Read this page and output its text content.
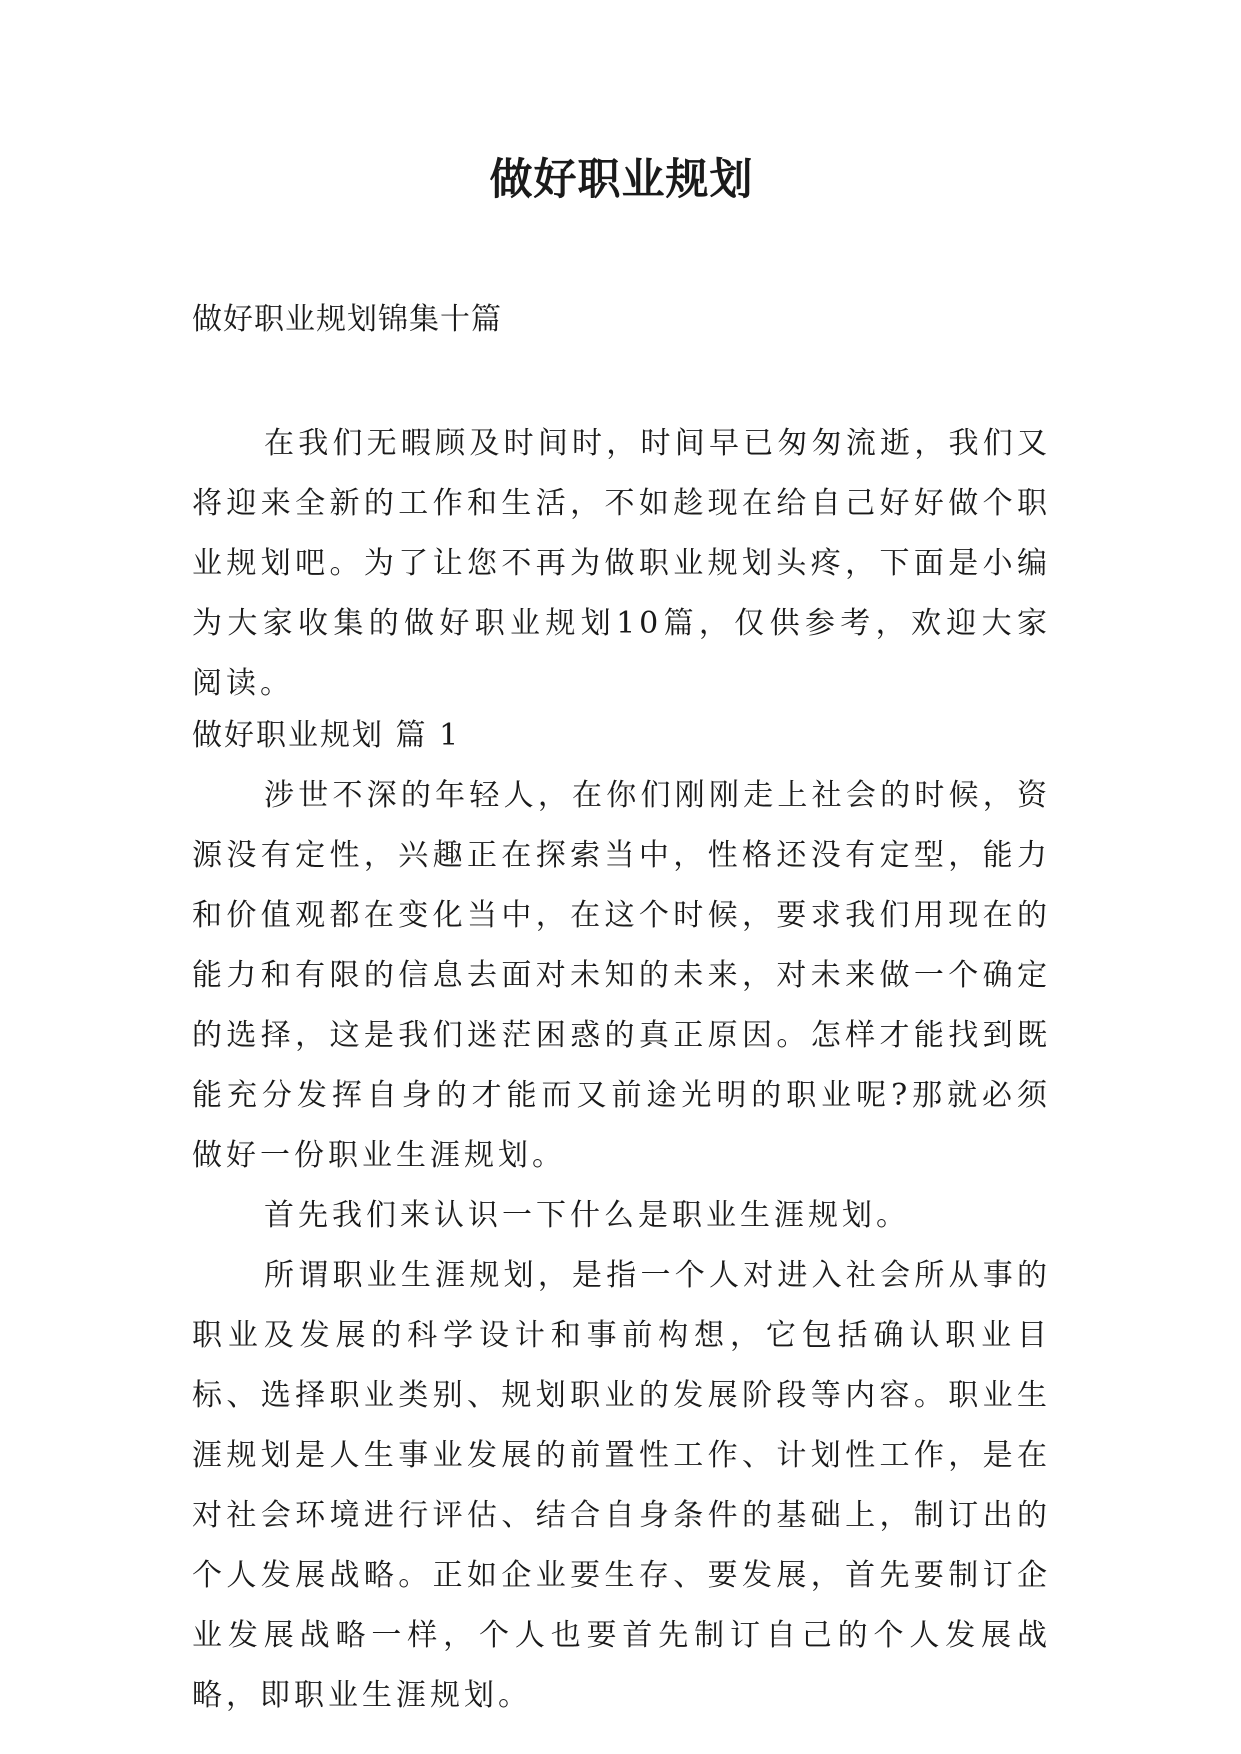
做好职业规划

做好职业规划锦集十篇

在我们无暇顾及时间时，时间早已匆匆流逝，我们又将迎来全新的工作和生活，不如趁现在给自己好好做个职业规划吧。为了让您不再为做职业规划头疼，下面是小编为大家收集的做好职业规划10篇，仅供参考，欢迎大家阅读。

做好职业规划 篇 1

涉世不深的年轻人，在你们刚刚走上社会的时候，资源没有定性，兴趣正在探索当中，性格还没有定型，能力和价值观都在变化当中，在这个时候，要求我们用现在的能力和有限的信息去面对未知的未来，对未来做一个确定的选择，这是我们迷茫困惑的真正原因。怎样才能找到既能充分发挥自身的才能而又前途光明的职业呢?那就必须做好一份职业生涯规划。

首先我们来认识一下什么是职业生涯规划。

所谓职业生涯规划，是指一个人对进入社会所从事的职业及发展的科学设计和事前构想，它包括确认职业目标、选择职业类别、规划职业的发展阶段等内容。职业生涯规划是人生事业发展的前置性工作、计划性工作，是在对社会环境进行评估、结合自身条件的基础上，制订出的个人发展战略。正如企业要生存、要发展，首先要制订企业发展战略一样，个人也要首先制订自己的个人发展战略，即职业生涯规划。
